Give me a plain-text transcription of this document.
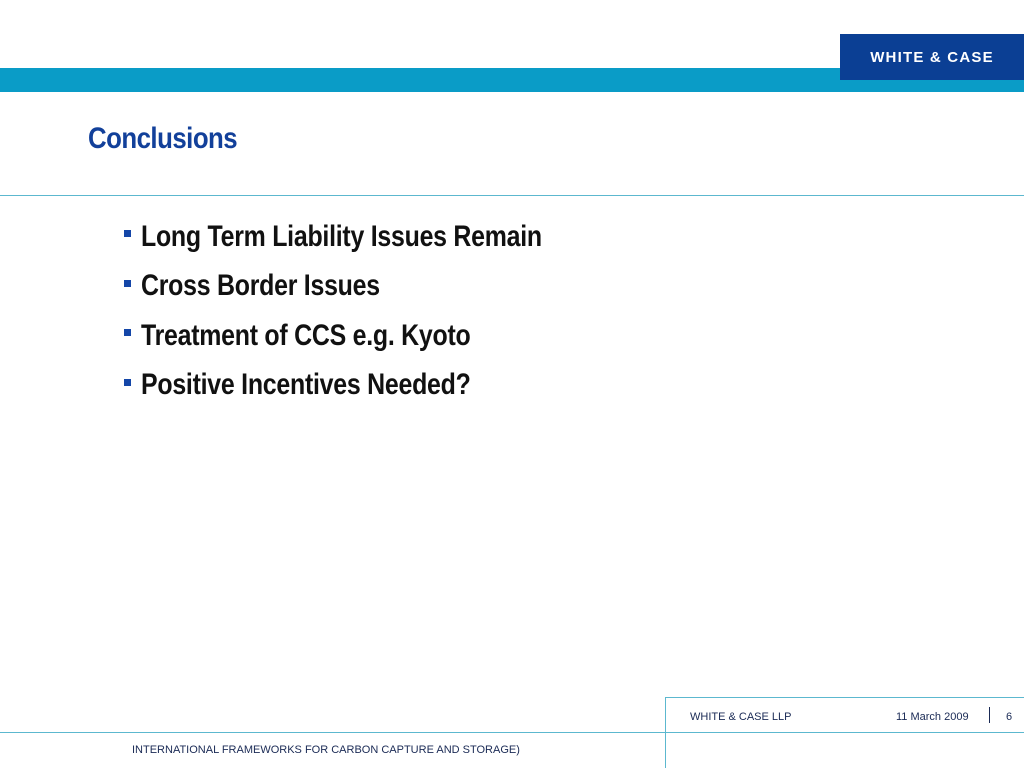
WHITE & CASE
Conclusions
Long Term Liability Issues Remain
Cross Border Issues
Treatment of CCS e.g. Kyoto
Positive Incentives Needed?
WHITE & CASE LLP	11 March 2009	6
INTERNATIONAL FRAMEWORKS FOR CARBON CAPTURE AND STORAGE)
